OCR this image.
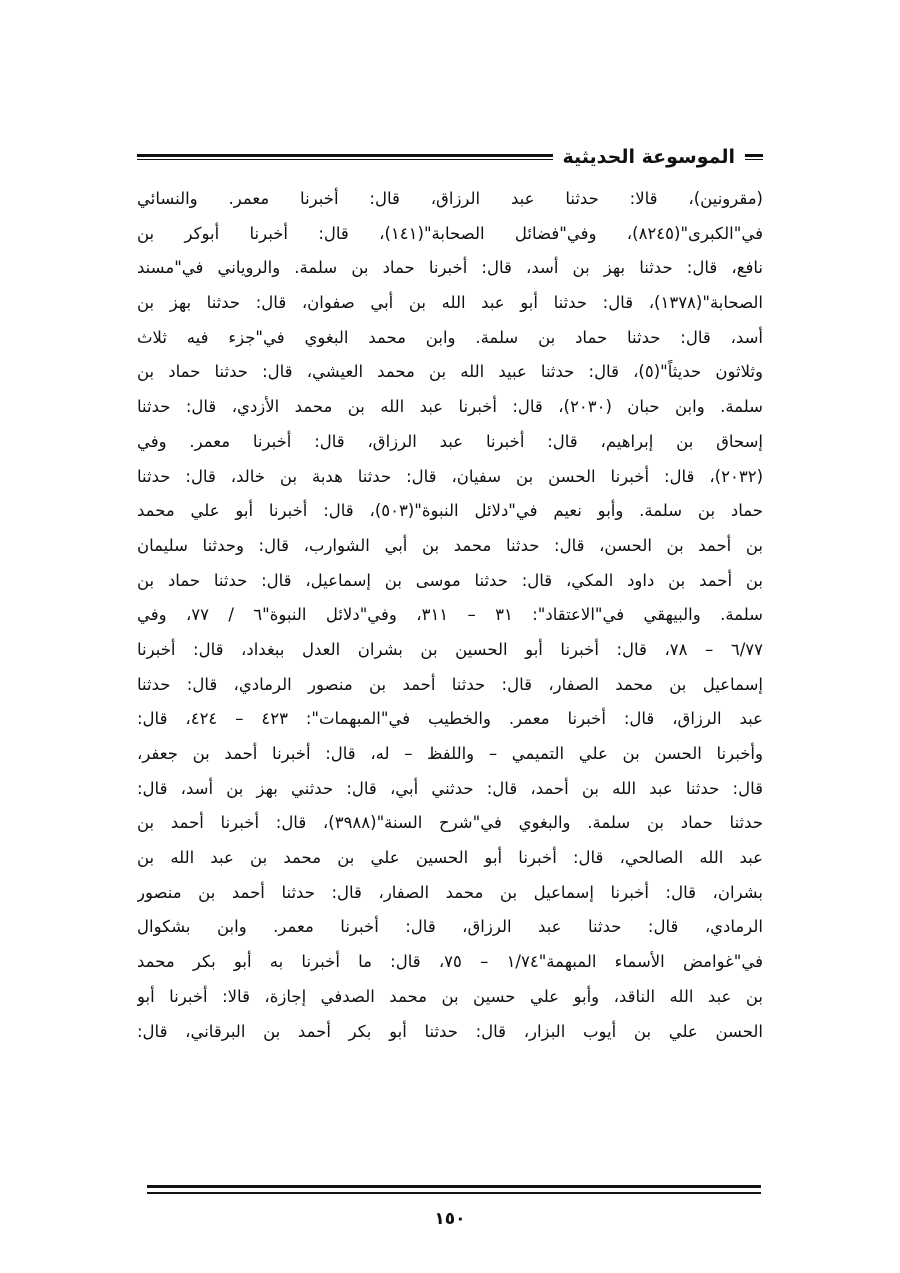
الموسوعة الحديثية
(مقرونين)، قالا: حدثنا عبد الرزاق، قال: أخبرنا معمر. والنسائي
في"الكبرى"(٨٢٤٥)، وفي"فضائل الصحابة"(١٤١)، قال: أخبرنا أبوكر بن
نافع، قال: حدثنا بهز بن أسد، قال: أخبرنا حماد بن سلمة. والروياني في"مسند
الصحابة"(١٣٧٨)، قال: حدثنا أبو عبد الله بن أبي صفوان، قال: حدثنا بهز بن
أسد، قال: حدثنا حماد بن سلمة. وابن محمد البغوي في"جزء فيه ثلاث
وثلاثون حديثاً"(٥)، قال: حدثنا عبيد الله بن محمد العيشي، قال: حدثنا حماد بن
سلمة. وابن حبان (٢٠٣٠)، قال: أخبرنا عبد الله بن محمد الأزدي، قال: حدثنا
إسحاق بن إبراهيم، قال: أخبرنا عبد الرزاق، قال: أخبرنا معمر. وفي
(٢٠٣٢)، قال: أخبرنا الحسن بن سفيان، قال: حدثنا هدبة بن خالد، قال: حدثنا
حماد بن سلمة. وأبو نعيم في"دلائل النبوة"(٥٠٣)، قال: أخبرنا أبو علي محمد
بن أحمد بن الحسن، قال: حدثنا محمد بن أبي الشوارب، قال: وحدثنا سليمان
بن أحمد بن داود المكي، قال: حدثنا موسى بن إسماعيل، قال: حدثنا حماد بن
سلمة. والبيهقي في"الاعتقاد": ٣١ – ٣١١، وفي"دلائل النبوة"٦ / ٧٧، وفي
٦/٧٧ – ٧٨، قال: أخبرنا أبو الحسين بن بشران العدل ببغداد، قال: أخبرنا
إسماعيل بن محمد الصفار، قال: حدثنا أحمد بن منصور الرمادي، قال: حدثنا
عبد الرزاق، قال: أخبرنا معمر. والخطيب في"المبهمات": ٤٢٣ – ٤٢٤، قال:
وأخبرنا الحسن بن علي التميمي – واللفظ – له، قال: أخبرنا أحمد بن جعفر،
قال: حدثنا عبد الله بن أحمد، قال: حدثني أبي، قال: حدثني بهز بن أسد، قال:
حدثنا حماد بن سلمة. والبغوي في"شرح السنة"(٣٩٨٨)، قال: أخبرنا أحمد بن
عبد الله الصالحي، قال: أخبرنا أبو الحسين علي بن محمد بن عبد الله بن
بشران، قال: أخبرنا إسماعيل بن محمد الصفار، قال: حدثنا أحمد بن منصور
الرمادي، قال: حدثنا عبد الرزاق، قال: أخبرنا معمر. وابن بشكوال
في"غوامض الأسماء المبهمة"١/٧٤ – ٧٥، قال: ما أخبرنا به أبو بكر محمد
بن عبد الله الناقد، وأبو علي حسين بن محمد الصدفي إجازة، قالا: أخبرنا أبو
الحسن علي بن أيوب البزار، قال: حدثنا أبو بكر أحمد بن البرقاني، قال:
١٥٠
